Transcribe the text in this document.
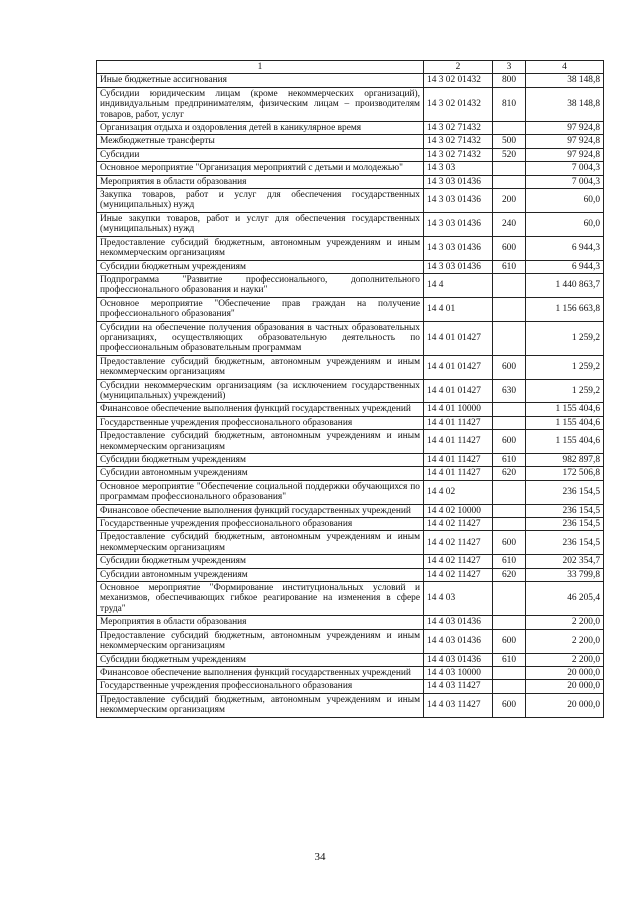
1	2	3	4
Иные бюджетные ассигнования	14 3 02 01432	800	38 148,8
Субсидии юридическим лицам (кроме некоммерческих организаций), индивидуальным предпринимателям, физическим лицам – производителям товаров, работ, услуг	14 3 02 01432	810	38 148,8
Организация отдыха и оздоровления детей в каникулярное время	14 3 02 71432		97 924,8
Межбюджетные трансферты	14 3 02 71432	500	97 924,8
Субсидии	14 3 02 71432	520	97 924,8
Основное мероприятие "Организация мероприятий с детьми и молодежью"	14 3 03		7 004,3
Мероприятия в области образования	14 3 03 01436		7 004,3
Закупка товаров, работ и услуг для обеспечения государственных (муниципальных) нужд	14 3 03 01436	200	60,0
Иные закупки товаров, работ и услуг для обеспечения государственных (муниципальных) нужд	14 3 03 01436	240	60,0
Предоставление субсидий бюджетным, автономным учреждениям и иным некоммерческим организациям	14 3 03 01436	600	6 944,3
Субсидии бюджетным учреждениям	14 3 03 01436	610	6 944,3
Подпрограмма "Развитие профессионального, дополнительного профессионального образования и науки"	14 4		1 440 863,7
Основное мероприятие "Обеспечение прав граждан на получение профессионального образования"	14 4 01		1 156 663,8
Субсидии на обеспечение получения образования в частных образовательных организациях, осуществляющих образовательную деятельность по профессиональным образовательным программам	14 4 01 01427		1 259,2
Предоставление субсидий бюджетным, автономным учреждениям и иным некоммерческим организациям	14 4 01 01427	600	1 259,2
Субсидии некоммерческим организациям (за исключением государственных (муниципальных) учреждений)	14 4 01 01427	630	1 259,2
Финансовое обеспечение выполнения функций государственных учреждений	14 4 01 10000		1 155 404,6
Государственные учреждения профессионального образования	14 4 01 11427		1 155 404,6
Предоставление субсидий бюджетным, автономным учреждениям и иным некоммерческим организациям	14 4 01 11427	600	1 155 404,6
Субсидии бюджетным учреждениям	14 4 01 11427	610	982 897,8
Субсидии автономным учреждениям	14 4 01 11427	620	172 506,8
Основное мероприятие "Обеспечение социальной поддержки обучающихся по программам профессионального образования"	14 4 02		236 154,5
Финансовое обеспечение выполнения функций государственных учреждений	14 4 02 10000		236 154,5
Государственные учреждения профессионального образования	14 4 02 11427		236 154,5
Предоставление субсидий бюджетным, автономным учреждениям и иным некоммерческим организациям	14 4 02 11427	600	236 154,5
Субсидии бюджетным учреждениям	14 4 02 11427	610	202 354,7
Субсидии автономным учреждениям	14 4 02 11427	620	33 799,8
Основное мероприятие "Формирование институциональных условий и механизмов, обеспечивающих гибкое реагирование на изменения в сфере труда"	14 4 03		46 205,4
Мероприятия в области образования	14 4 03 01436		2 200,0
Предоставление субсидий бюджетным, автономным учреждениям и иным некоммерческим организациям	14 4 03 01436	600	2 200,0
Субсидии бюджетным учреждениям	14 4 03 01436	610	2 200,0
Финансовое обеспечение выполнения функций государственных учреждений	14 4 03 10000		20 000,0
Государственные учреждения профессионального образования	14 4 03 11427		20 000,0
Предоставление субсидий бюджетным, автономным учреждениям и иным некоммерческим организациям	14 4 03 11427	600	20 000,0
34
